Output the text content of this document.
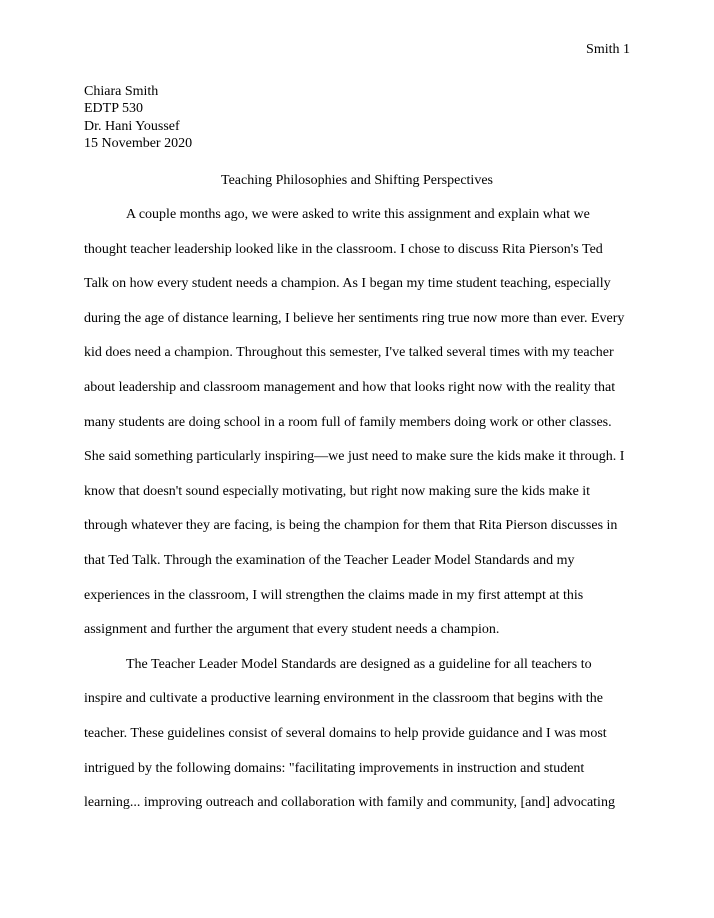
Smith 1
Chiara Smith
EDTP 530
Dr. Hani Youssef
15 November 2020
Teaching Philosophies and Shifting Perspectives
A couple months ago, we were asked to write this assignment and explain what we
thought teacher leadership looked like in the classroom. I chose to discuss Rita Pierson's Ted
Talk on how every student needs a champion. As I began my time student teaching, especially
during the age of distance learning, I believe her sentiments ring true now more than ever. Every
kid does need a champion. Throughout this semester, I've talked several times with my teacher
about leadership and classroom management and how that looks right now with the reality that
many students are doing school in a room full of family members doing work or other classes.
She said something particularly inspiring—we just need to make sure the kids make it through. I
know that doesn't sound especially motivating, but right now making sure the kids make it
through whatever they are facing, is being the champion for them that Rita Pierson discusses in
that Ted Talk. Through the examination of the Teacher Leader Model Standards and my
experiences in the classroom, I will strengthen the claims made in my first attempt at this
assignment and further the argument that every student needs a champion.
The Teacher Leader Model Standards are designed as a guideline for all teachers to
inspire and cultivate a productive learning environment in the classroom that begins with the
teacher. These guidelines consist of several domains to help provide guidance and I was most
intrigued by the following domains: "facilitating improvements in instruction and student
learning... improving outreach and collaboration with family and community, [and] advocating
